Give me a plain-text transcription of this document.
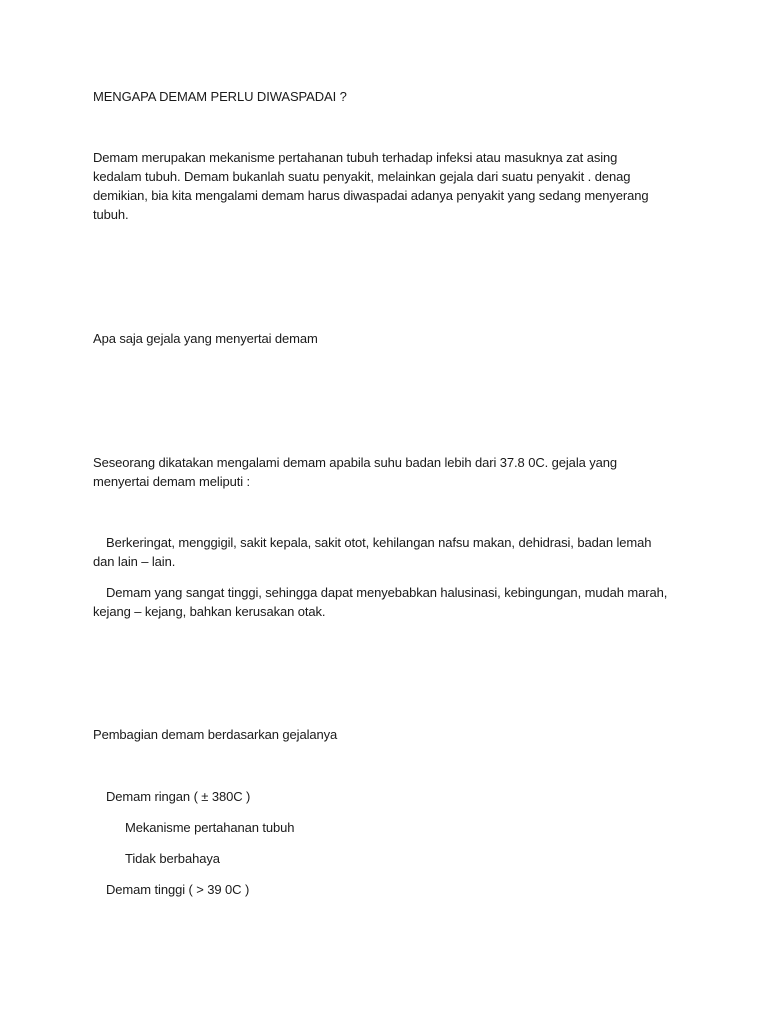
MENGAPA DEMAM PERLU DIWASPADAI ?
Demam merupakan mekanisme pertahanan tubuh terhadap infeksi atau masuknya zat asing
kedalam tubuh. Demam bukanlah suatu penyakit, melainkan gejala dari suatu penyakit . denag
demikian, bia kita mengalami demam harus diwaspadai adanya penyakit yang sedang menyerang
tubuh.
Apa saja gejala yang menyertai demam
Seseorang dikatakan mengalami demam apabila suhu badan lebih dari 37.8 0C. gejala yang
menyertai demam meliputi :
Berkeringat, menggigil, sakit kepala, sakit otot, kehilangan nafsu makan, dehidrasi, badan lemah
dan lain – lain.
Demam yang sangat tinggi, sehingga dapat menyebabkan halusinasi, kebingungan, mudah marah,
kejang – kejang, bahkan kerusakan otak.
Pembagian demam berdasarkan gejalanya
Demam ringan ( ± 380C )
Mekanisme pertahanan tubuh
Tidak berbahaya
Demam tinggi ( > 39 0C )
